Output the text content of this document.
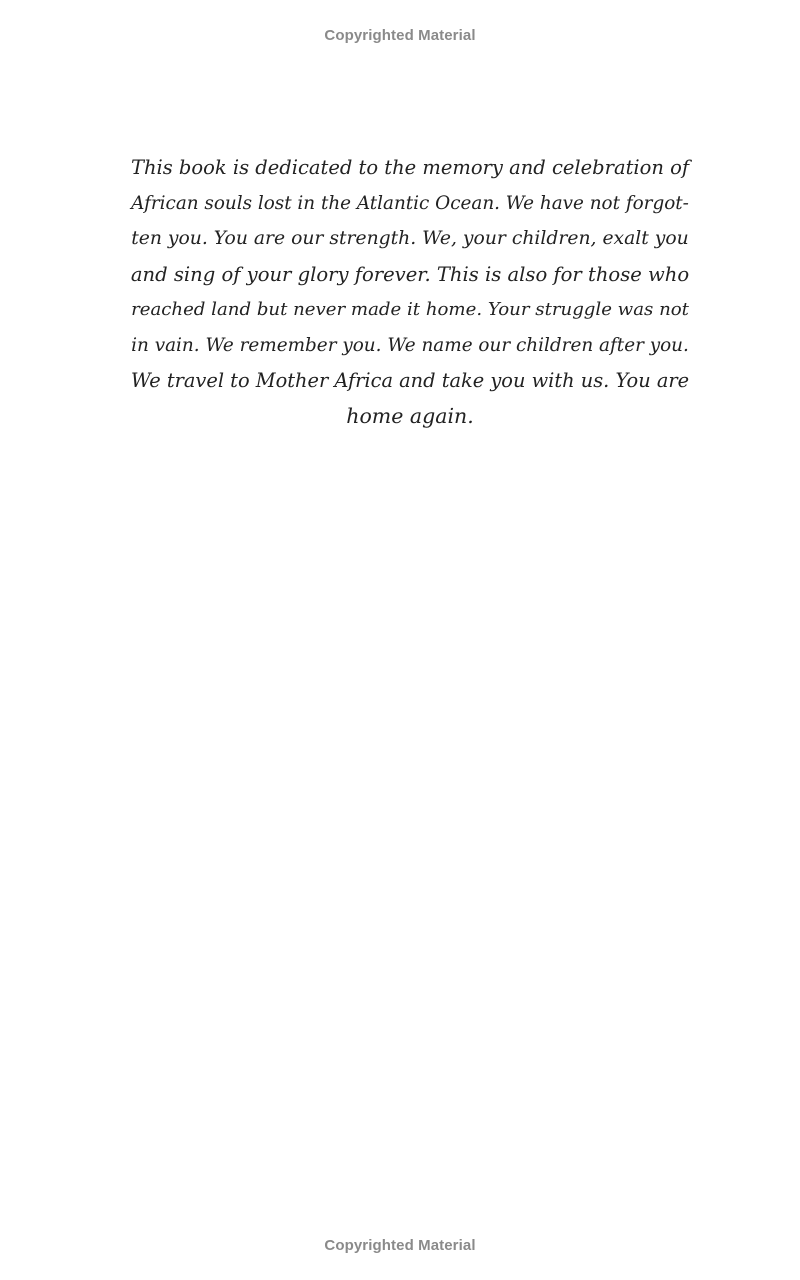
Copyrighted Material
This book is dedicated to the memory and celebration of
African souls lost in the Atlantic Ocean. We have not forgot-
ten you. You are our strength. We, your children, exalt you
and sing of your glory forever. This is also for those who
reached land but never made it home. Your struggle was not
in vain. We remember you. We name our children after you.
We travel to Mother Africa and take you with us. You are
home again.
Copyrighted Material
